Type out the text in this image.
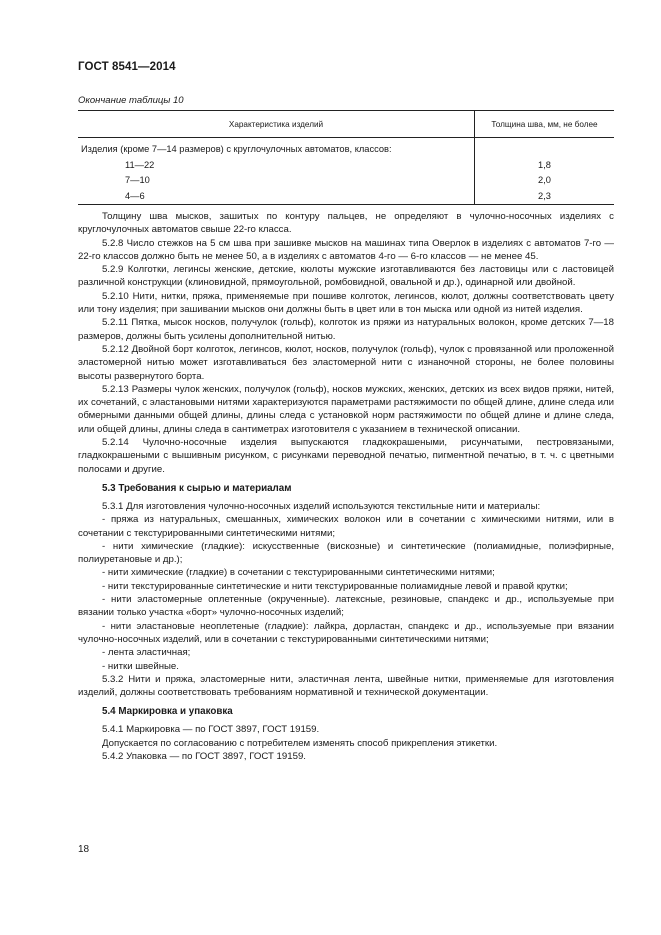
ГОСТ 8541—2014
Окончание таблицы 10
Характеристика изделий	Толщина шва, мм, не более
Изделия (кроме 7—14 размеров) с круглочулочных автоматов, классов:	
11—22	1,8
7—10	2,0
4—6	2,3

Толщину шва мысков, зашитых по контуру пальцев, не определяют в чулочно-носочных изделиях с круглочулочных автоматов свыше 22-го класса.

5.2.8 Число стежков на 5 см шва при зашивке мысков на машинах типа Оверлок в изделиях с автоматов 7-го — 22-го классов должно быть не менее 50, а в изделиях с автоматов 4-го — 6-го классов — не менее 45.

5.2.9 Колготки, легинсы женские, детские, кюлоты мужские изготавливаются без ластовицы или с ластовицей различной конструкции (клиновидной, прямоугольной, ромбовидной, овальной и др.), одинарной или двойной.

5.2.10 Нити, нитки, пряжа, применяемые при пошиве колготок, легинсов, кюлот, должны соответствовать цвету или тону изделия; при зашивании мысков они должны быть в цвет или в тон мыска или одной из нитей изделия.

5.2.11 Пятка, мысок носков, получулок (гольф), колготок из пряжи из натуральных волокон, кроме детских 7—18 размеров, должны быть усилены дополнительной нитью.

5.2.12 Двойной борт колготок, легинсов, кюлот, носков, получулок (гольф), чулок с провязанной или проложенной эластомерной нитью может изготавливаться без эластомерной нити с изнаночной стороны, не более половины высоты развернутого борта.

5.2.13 Размеры чулок женских, получулок (гольф), носков мужских, женских, детских из всех видов пряжи, нитей, их сочетаний, с эластановыми нитями характеризуются параметрами растяжимости по общей длине, длине следа или обмерными данными общей длины, длины следа с установкой норм растяжимости по общей длине и длине следа, или общей длины, длины следа в сантиметрах изготовителя с указанием в технической описании.

5.2.14 Чулочно-носочные изделия выпускаются гладкокрашеными, рисунчатыми, пестровязаными, гладкокрашеными с вышивным рисунком, с рисунками переводной печатью, пигментной печатью, в т. ч. с цветными полосами и другие.

5.3 Требования к сырью и материалам

5.3.1 Для изготовления чулочно-носочных изделий используются текстильные нити и материалы:

- пряжа из натуральных, смешанных, химических волокон или в сочетании с химическими нитями, или в сочетании с текстурированными синтетическими нитями;

- нити химические (гладкие): искусственные (вискозные) и синтетические (полиамидные, полиэфирные, полиуретановые и др.);

- нити химические (гладкие) в сочетании с текстурированными синтетическими нитями;

- нити текстурированные синтетические и нити текстурированные полиамидные левой и правой крутки;

- нити эластомерные оплетенные (окрученные). латексные, резиновые, спандекс и др., используемые при вязании только участка «борт» чулочно-носочных изделий;

- нити эластановые неоплетеные (гладкие): лайкра, дорластан, спандекс и др., используемые при вязании чулочно-носочных изделий, или в сочетании с текстурированными синтетическими нитями;

- лента эластичная;

- нитки швейные.

5.3.2 Нити и пряжа, эластомерные нити, эластичная лента, швейные нитки, применяемые для изготовления изделий, должны соответствовать требованиям нормативной и технической документации.

5.4 Маркировка и упаковка

5.4.1 Маркировка — по ГОСТ 3897, ГОСТ 19159.

Допускается по согласованию с потребителем изменять способ прикрепления этикетки.

5.4.2 Упаковка — по ГОСТ 3897, ГОСТ 19159.

18
